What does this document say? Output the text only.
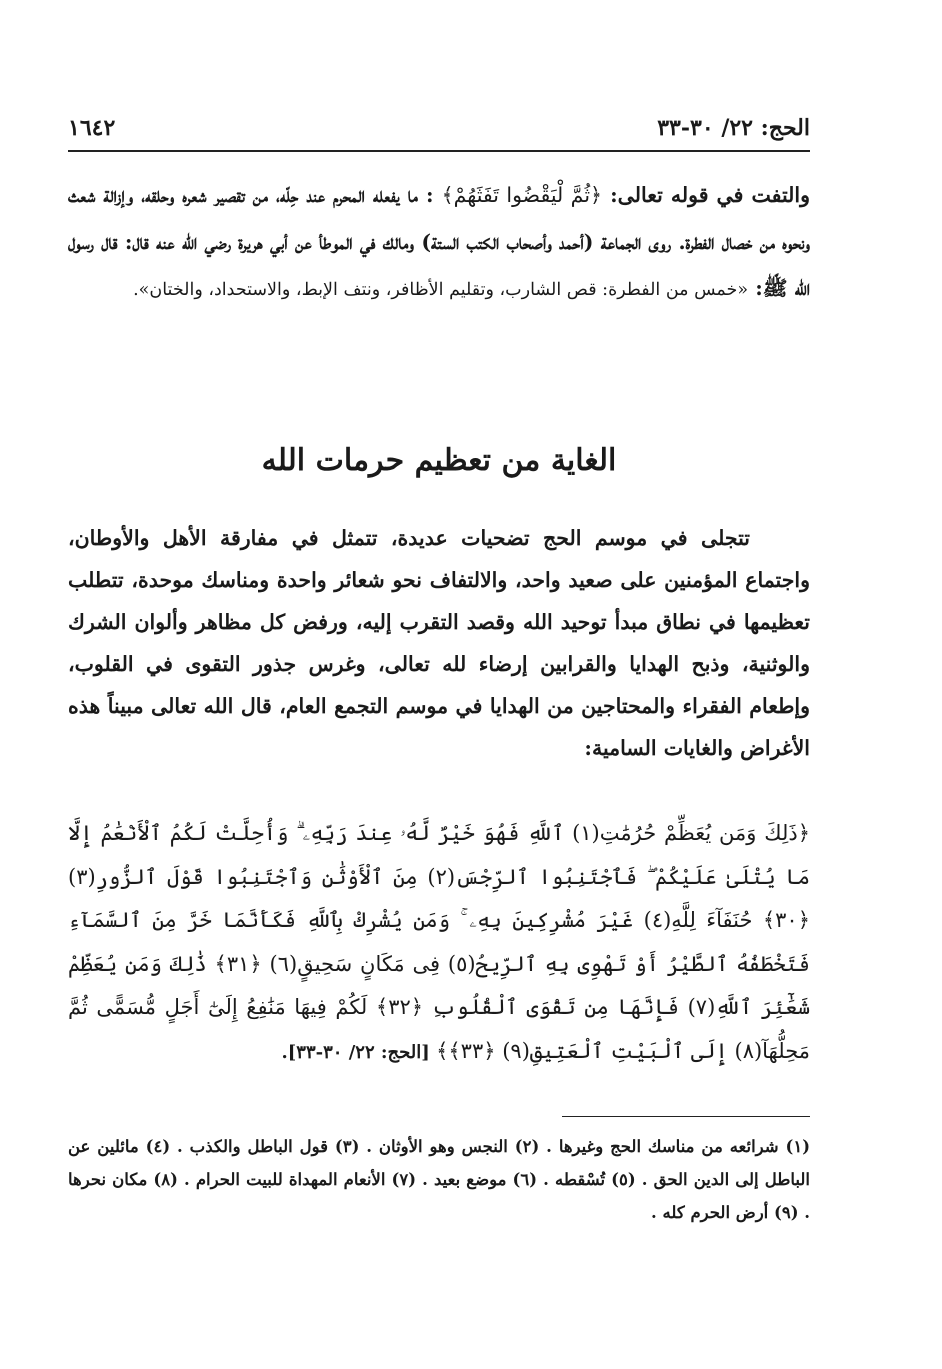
الحج: ٢٢/ ٣٠-٣٣
١٦٤٢
والتفت في قوله تعالى: ﴿ثُمَّ لْيَقْضُوا تَفَثَهُمْ﴾ : ما يفعله المحرم عند حِلّه، من تقصير شعره وحلقه، وإزالة شعث ونحوه من خصال الفطرة. روى الجماعة (أحمد وأصحاب الكتب الستة) ومالك في الموطأ عن أبي هريرة رضي الله عنه قال: قال رسول الله ﷺ: «خمس من الفطرة: قص الشارب، وتقليم الأظافر، ونتف الإبط، والاستحداد، والختان».
الغاية من تعظيم حرمات الله
تتجلى في موسم الحج تضحيات عديدة، تتمثل في مفارقة الأهل والأوطان، واجتماع المؤمنين على صعيد واحد، والالتفاف نحو شعائر واحدة ومناسك موحدة، تتطلب تعظيمها في نطاق مبدأ توحيد الله وقصد التقرب إليه، ورفض كل مظاهر وألوان الشرك والوثنية، وذبح الهدايا والقرابين إرضاء لله تعالى، وغرس جذور التقوى في القلوب، وإطعام الفقراء والمحتاجين من الهدايا في موسم التجمع العام، قال الله تعالى مبيناً هذه الأغراض والغايات السامية:
﴿ذَلِكَ وَمَن يُعَظِّمْ حُرُمَٰتِ(١) ٱللَّهِ فَهُوَ خَيْرٌ لَّهُۥ عِندَ رَبِّهِۦ ۗ وَأُحِلَّتْ لَكُمُ ٱلْأَنْعَٰمُ إِلَّا مَا يُتْلَىٰ عَلَيْكُمْ ۖ فَٱجْتَنِبُوا ٱلرِّجْسَ(٢) مِنَ ٱلْأَوْثَٰنِ وَٱجْتَنِبُوا قَوْلَ ٱلزُّورِ(٣) ﴿٣٠﴾ حُنَفَآءَ لِلَّهِ(٤) غَيْرَ مُشْرِكِينَ بِهِۦ ۚ وَمَن يُشْرِكْ بِٱللَّهِ فَكَأَنَّمَا خَرَّ مِنَ ٱلسَّمَآءِ فَتَخْطَفُهُ ٱلطَّيْرُ أَوْ تَهْوِى بِهِ ٱلرِّيحُ(٥) فِى مَكَانٍ سَحِيقٍ(٦) ﴿٣١﴾ ذَٰلِكَ وَمَن يُعَظِّمْ شَعَٰٓئِرَ ٱللَّهِ(٧) فَإِنَّهَا مِن تَقْوَى ٱلْقُلُوبِ ﴿٣٢﴾ لَكُمْ فِيهَا مَنَٰفِعُ إِلَىٰٓ أَجَلٍ مُّسَمًّى ثُمَّ مَحِلُّهَآ(٨) إِلَى ٱلْبَيْتِ ٱلْعَتِيقِ(٩) ﴿٣٣﴾﴾ [الحج: ٢٢/ ٣٠-٣٣].
(١) شرائعه من مناسك الحج وغيرها . (٢) النجس وهو الأوثان . (٣) قول الباطل والكذب . (٤) مائلين عن الباطل إلى الدين الحق . (٥) تُسْقطه . (٦) موضع بعيد . (٧) الأنعام المهداة للبيت الحرام . (٨) مكان نحرها . (٩) أرض الحرم كله .
